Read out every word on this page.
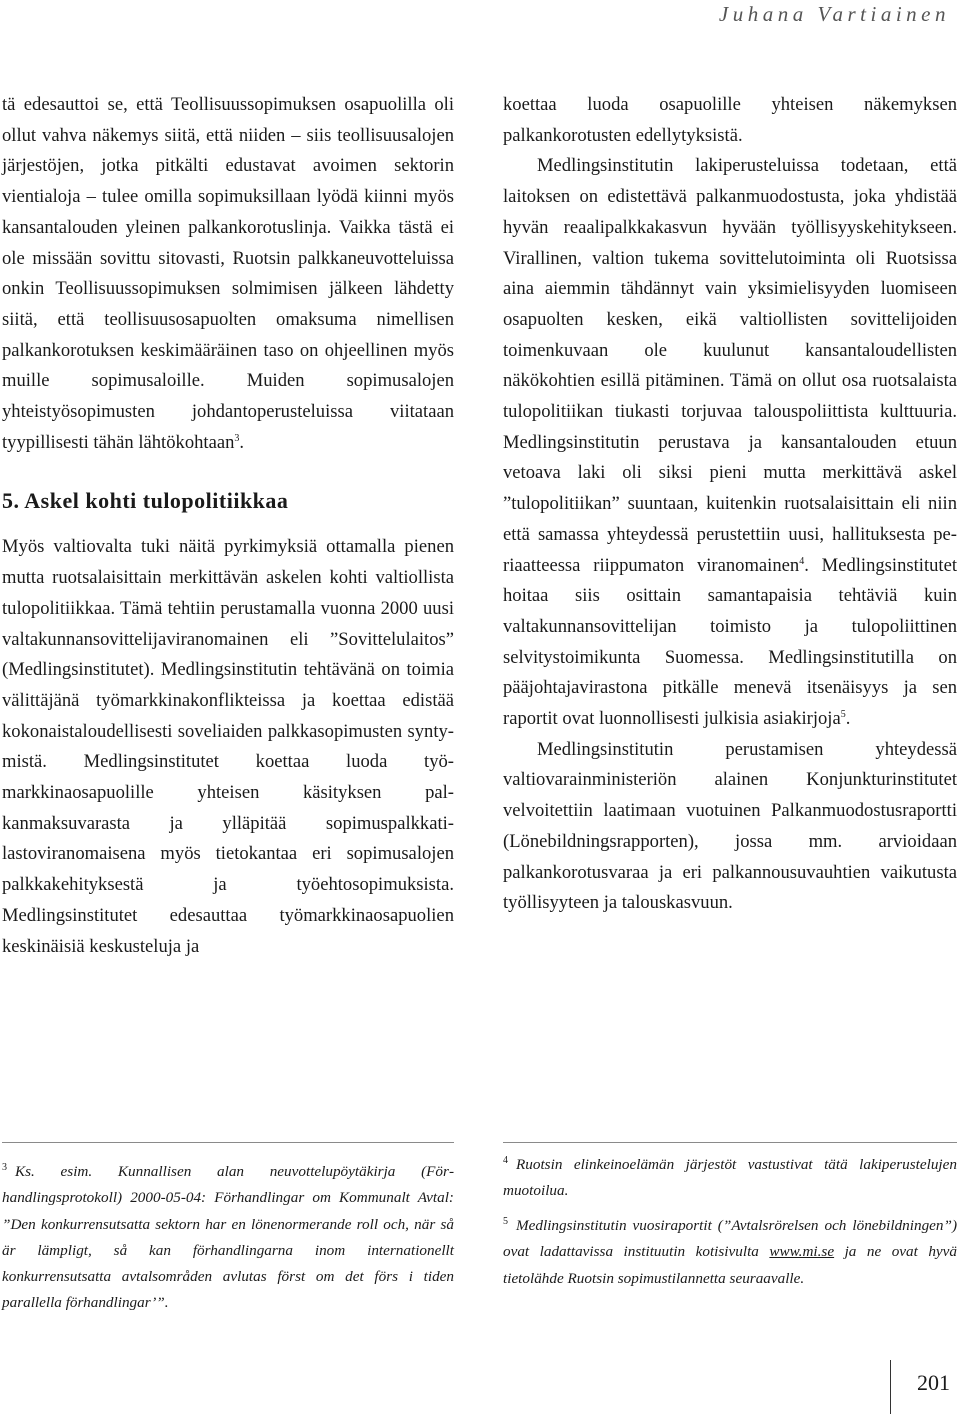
Juhana Vartiainen

tä edesauttoi se, että Teollisuussopimuksen osapuolilla oli ollut vahva näkemys siitä, että niiden – siis teollisuusalojen järjestöjen, jotka pitkälti edustavat avoimen sektorin vientialoja – tulee omilla sopimuksillaan lyödä kiinni myös kansantalouden yleinen palkankorotuslinja. Vaikka tästä ei ole missään sovittu sitovasti, Ruotsin palkkaneuvotteluissa onkin Teollisuussopimuksen solmimisen jälkeen lähdetty siitä, että teollisuusosapuolten omaksuma nimellisen palkankorotuksen keskimääräinen taso on ohjeellinen myös muille sopimusaloille. Muiden sopimusalojen yhteistyösopimusten johdantoperusteluissa viitataan tyypillisesti tähän lähtökohtaan$^3$.

5. Askel kohti tulopolitiikkaa

Myös valtiovalta tuki näitä pyrkimyksiä ottamalla pienen mutta ruotsalaisittain merkittävän askelen kohti valtiollista tulopolitiikkaa. Tämä tehtiin perustamalla vuonna 2000 uusi valtakunnansovittelijaviranomainen eli ”Sovittelulaitos” (Medlingsinstitutet). Medlingsinstitutin tehtävänä on toimia välittäjänä työmarkkinakonflikteissa ja koettaa edistää kokonaistaloudellisesti soveliaiden palkkasopimusten syntymistä. Medlingsinstitutet koettaa luoda työmarkkinaosapuolille yhteisen käsityksen palkanmaksuvarasta ja ylläpitää sopimuspalkkatilastoviranomaisena myös tietokantaa eri sopimusalojen palkkakehityksestä ja työehtosopimuksista. Medlingsinstitutet edesauttaa työmarkkinaosapuolien keskinäisiä keskusteluja ja

koettaa luoda osapuolille yhteisen näkemyksen palkankorotusten edellytyksistä.

Medlingsinstitutin lakiperusteluissa todetaan, että laitoksen on edistettävä palkanmuodostusta, joka yhdistää hyvän reaalipalkkakasvun hyvään työllisyyskehitykseen. Virallinen, valtion tukema sovittelutoiminta oli Ruotsissa aina aiemmin tähdännyt vain yksimielisyyden luomiseen osapuolten kesken, eikä valtiollisten sovittelijoiden toimenkuvaan ole kuulunut kansantaloudellisten näkökohtien esillä pitäminen. Tämä on ollut osa ruotsalaista tulopolitiikan tiukasti torjuvaa talouspoliittista kulttuuria. Medlingsinstitutin perustava ja kansantalouden etuun vetoava laki oli siksi pieni mutta merkittävä askel ”tulopolitiikan” suuntaan, kuitenkin ruotsalaisittain eli niin että samassa yhteydessä perustettiin uusi, hallituksesta periaatteessa riippumaton viranomainen$^4$. Medlingsinstitutet hoitaa siis osittain samantapaisia tehtäviä kuin valtakunnansovittelijan toimisto ja tulopoliittinen selvitystoimikunta Suomessa. Medlingsinstitutilla on pääjohtajavirastona pitkälle menevä itsenäisyys ja sen raportit ovat luonnollisesti julkisia asiakirjoja$^5$.

Medlingsinstitutin perustamisen yhteydessä valtiovarainministeriön alainen Konjunkturinstitutet velvoitettiin laatimaan vuotuinen Palkanmuodostusraportti (Lönebildningsrapporten), jossa mm. arvioidaan palkankorotusvaraa ja eri palkannousuvauhtien vaikutusta työllisyyteen ja talouskasvuun.

$^3$ Ks. esim. Kunnallisen alan neuvottelupöytäkirja (Förhandlingsprotokoll) 2000-05-04: Förhandlingar om Kommunalt Avtal: ”Den konkurrensutsatta sektorn har en lönenormerande roll och, när så är lämpligt, så kan förhandlingarna inom internationellt konkurrensutsatta avtalsområden avlutas först om det förs i tiden parallella förhandlingar’”.
$^4$ Ruotsin elinkeinoelämän järjestöt vastustivat tätä lakiperustelujen muotoilua.
$^5$ Medlingsinstitutin vuosiraportit (”Avtalsrörelsen och lönebildningen”) ovat ladattavissa instituutin kotisivulta www.mi.se ja ne ovat hyvä tietolähde Ruotsin sopimustilannetta seuraavalle.
201
